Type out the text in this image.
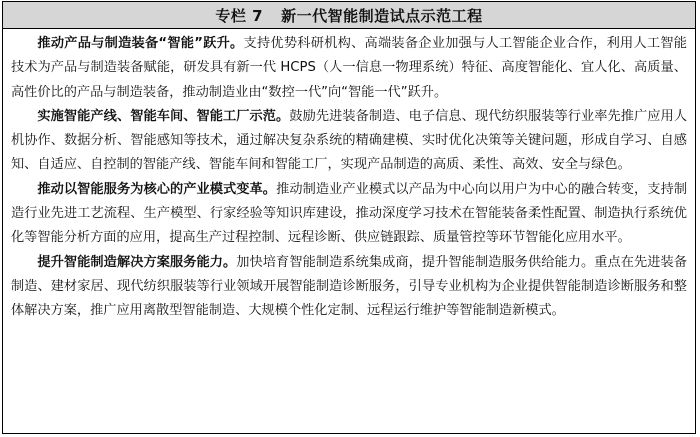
专栏 7 新一代智能制造试点示范工程

推动产品与制造装备“智能”跃升。支持优势科研机构、高端装备企业加强与人工智能企业合作，利用人工智能技术为产品与制造装备赋能，研发具有新一代 HCPS（人一信息一物理系统）特征、高度智能化、宜人化、高质量、高性价比的产品与制造装备，推动制造业由“数控一代”向“智能一代”跃升。

实施智能产线、智能车间、智能工厂示范。鼓励先进装备制造、电子信息、现代纺织服装等行业率先推广应用人机协作、数据分析、智能感知等技术，通过解决复杂系统的精确建模、实时优化决策等关键问题，形成自学习、自感知、自适应、自控制的智能产线、智能车间和智能工厂，实现产品制造的高质、柔性、高效、安全与绿色。

推动以智能服务为核心的产业模式变革。推动制造业产业模式以产品为中心向以用户为中心的融合转变，支持制造行业先进工艺流程、生产模型、行家经验等知识库建设，推动深度学习技术在智能装备柔性配置、制造执行系统优化等智能分析方面的应用，提高生产过程控制、远程诊断、供应链跟踪、质量管控等环节智能化应用水平。

提升智能制造解决方案服务能力。加快培育智能制造系统集成商，提升智能制造服务供给能力。重点在先进装备制造、建材家居、现代纺织服装等行业领域开展智能制造诊断服务，引导专业机构为企业提供智能制造诊断服务和整体解决方案，推广应用离散型智能制造、大规模个性化定制、远程运行维护等智能制造新模式。
